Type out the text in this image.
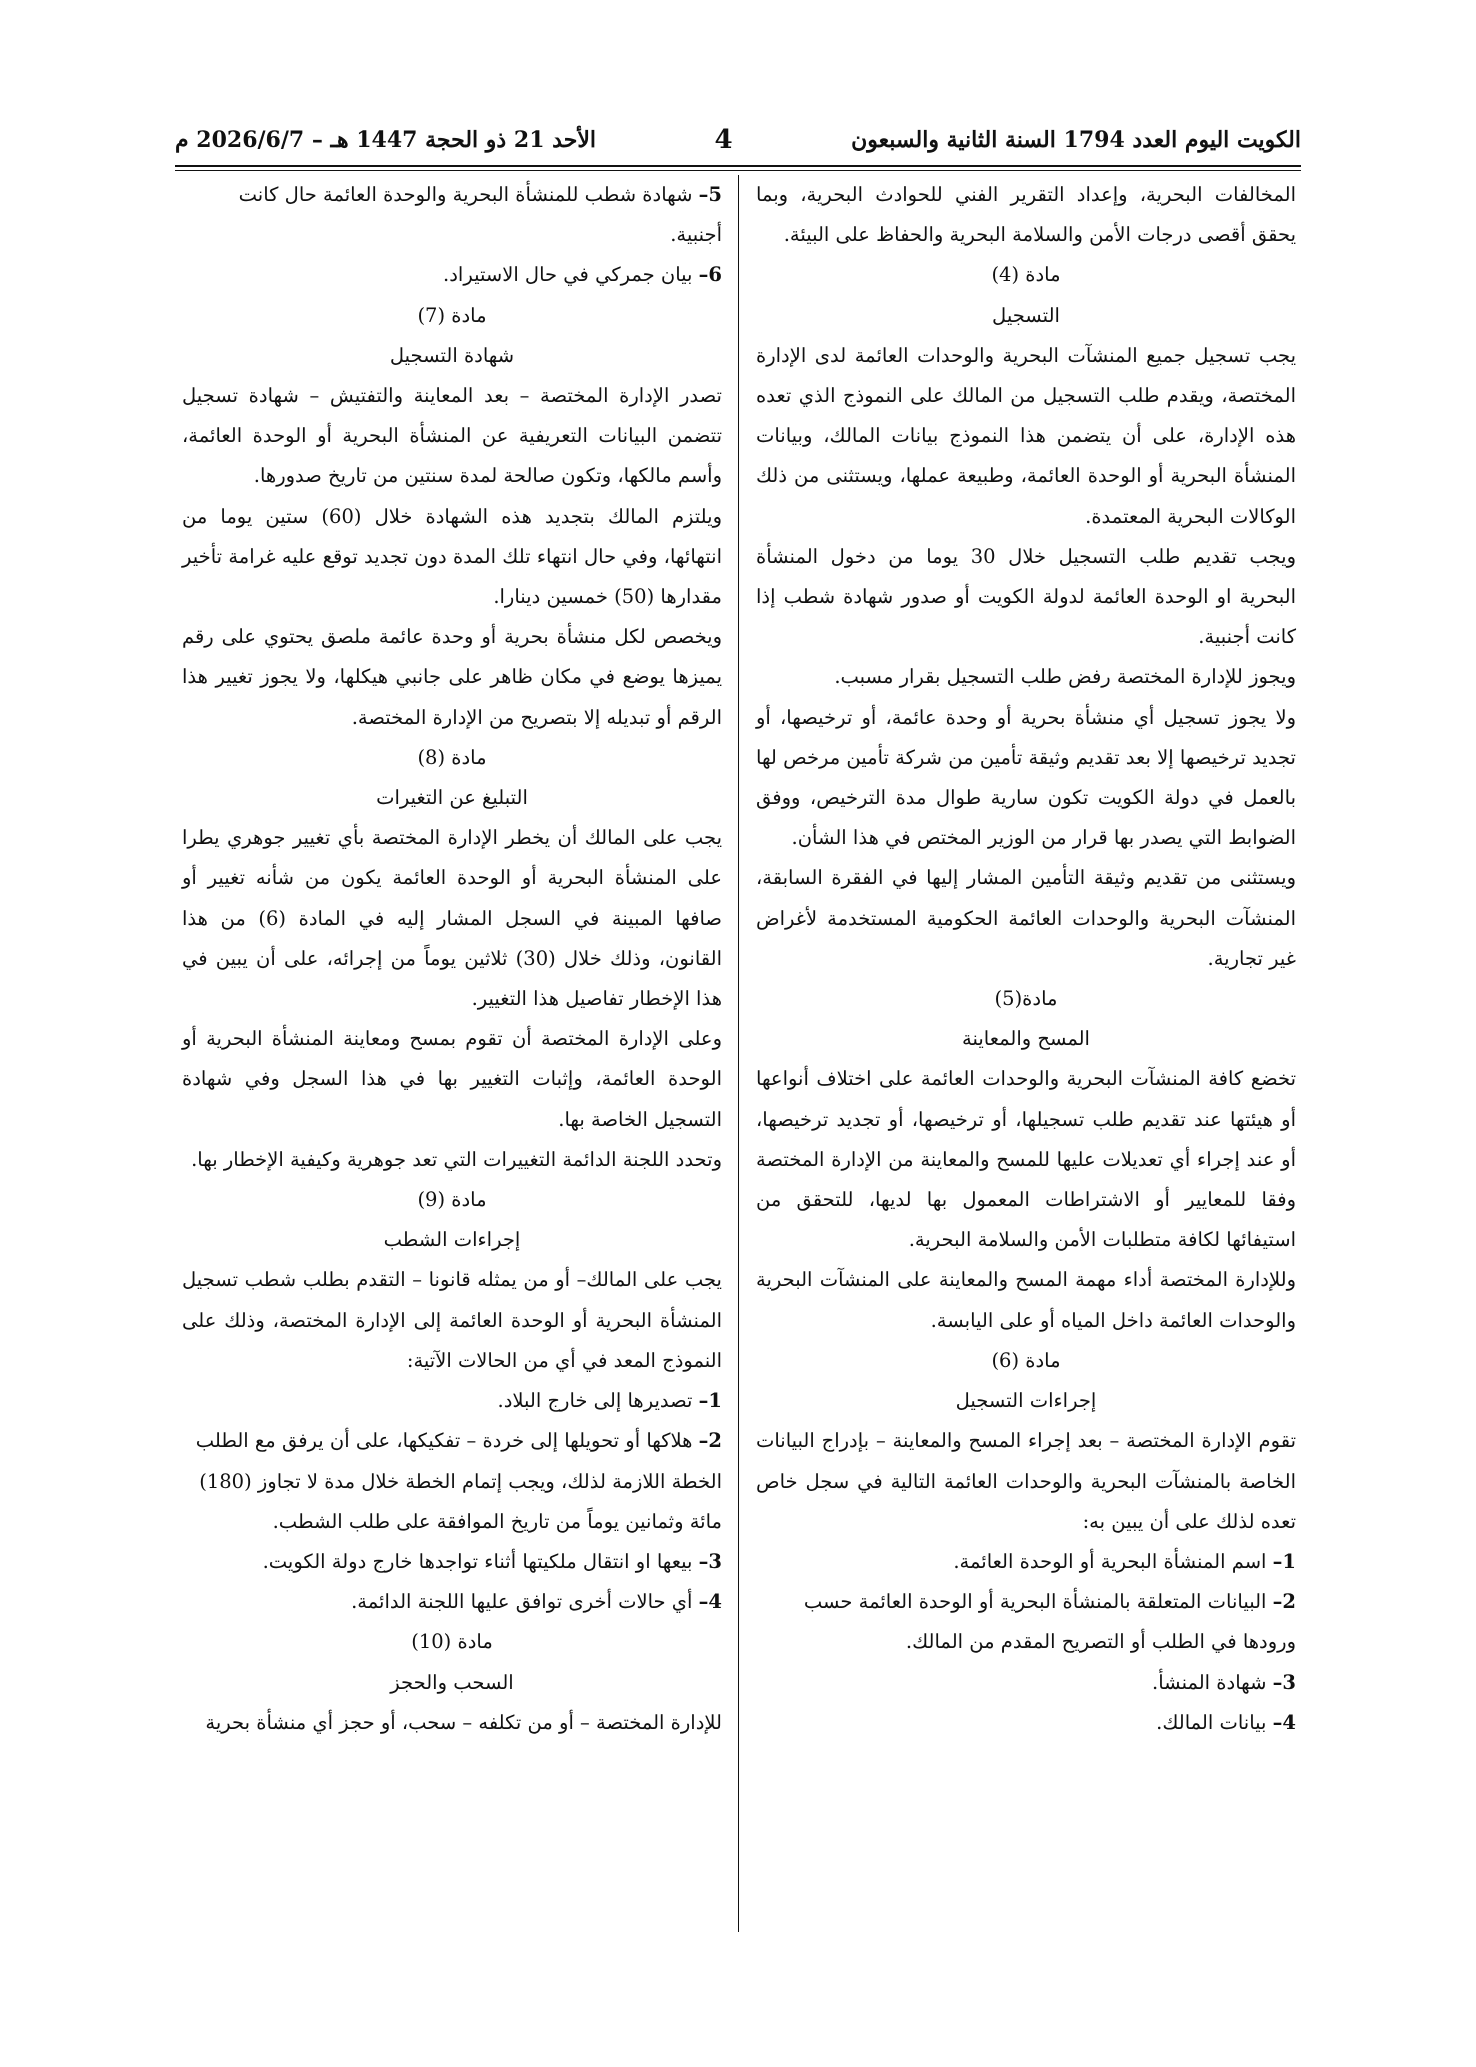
الكويت اليوم العدد 1794 السنة الثانية والسبعون
4
الأحد 21 ذو الحجة 1447 هـ – 2026/6/7 م

المخالفات البحرية، وإعداد التقرير الفني للحوادث البحرية، وبما يحقق أقصى درجات الأمن والسلامة البحرية والحفاظ على البيئة.

مادة (4)

التسجيل

يجب تسجيل جميع المنشآت البحرية والوحدات العائمة لدى الإدارة المختصة، ويقدم طلب التسجيل من المالك على النموذج الذي تعده هذه الإدارة، على أن يتضمن هذا النموذج بيانات المالك، وبيانات المنشأة البحرية أو الوحدة العائمة، وطبيعة عملها، ويستثنى من ذلك الوكالات البحرية المعتمدة.

ويجب تقديم طلب التسجيل خلال 30 يوما من دخول المنشأة البحرية او الوحدة العائمة لدولة الكويت أو صدور شهادة شطب إذا كانت أجنبية.

ويجوز للإدارة المختصة رفض طلب التسجيل بقرار مسبب.

ولا يجوز تسجيل أي منشأة بحرية أو وحدة عائمة، أو ترخيصها، أو تجديد ترخيصها إلا بعد تقديم وثيقة تأمين من شركة تأمين مرخص لها بالعمل في دولة الكويت تكون سارية طوال مدة الترخيص، ووفق الضوابط التي يصدر بها قرار من الوزير المختص في هذا الشأن.

ويستثنى من تقديم وثيقة التأمين المشار إليها في الفقرة السابقة، المنشآت البحرية والوحدات العائمة الحكومية المستخدمة لأغراض غير تجارية.

مادة(5)

المسح والمعاينة

تخضع كافة المنشآت البحرية والوحدات العائمة على اختلاف أنواعها أو هيئتها عند تقديم طلب تسجيلها، أو ترخيصها، أو تجديد ترخيصها، أو عند إجراء أي تعديلات عليها للمسح والمعاينة من الإدارة المختصة وفقا للمعايير أو الاشتراطات المعمول بها لديها، للتحقق من استيفائها لكافة متطلبات الأمن والسلامة البحرية.

وللإدارة المختصة أداء مهمة المسح والمعاينة على المنشآت البحرية والوحدات العائمة داخل المياه أو على اليابسة.

مادة (6)

إجراءات التسجيل

تقوم الإدارة المختصة – بعد إجراء المسح والمعاينة – بإدراج البيانات الخاصة بالمنشآت البحرية والوحدات العائمة التالية في سجل خاص تعده لذلك على أن يبين به:

1– اسم المنشأة البحرية أو الوحدة العائمة.

2– البيانات المتعلقة بالمنشأة البحرية أو الوحدة العائمة حسب ورودها في الطلب أو التصريح المقدم من المالك.

3– شهادة المنشأ.

4– بيانات المالك.

5– شهادة شطب للمنشأة البحرية والوحدة العائمة حال كانت أجنبية.

6– بيان جمركي في حال الاستيراد.

مادة (7)

شهادة التسجيل

تصدر الإدارة المختصة – بعد المعاينة والتفتيش – شهادة تسجيل تتضمن البيانات التعريفية عن المنشأة البحرية أو الوحدة العائمة، وأسم مالكها، وتكون صالحة لمدة سنتين من تاريخ صدورها.

ويلتزم المالك بتجديد هذه الشهادة خلال (60) ستين يوما من انتهائها، وفي حال انتهاء تلك المدة دون تجديد توقع عليه غرامة تأخير مقدارها (50) خمسين دينارا.

ويخصص لكل منشأة بحرية أو وحدة عائمة ملصق يحتوي على رقم يميزها يوضع في مكان ظاهر على جانبي هيكلها، ولا يجوز تغيير هذا الرقم أو تبديله إلا بتصريح من الإدارة المختصة.

مادة (8)

التبليغ عن التغيرات

يجب على المالك أن يخطر الإدارة المختصة بأي تغيير جوهري يطرا على المنشأة البحرية أو الوحدة العائمة يكون من شأنه تغيير أو صافها المبينة في السجل المشار إليه في المادة (6) من هذا القانون، وذلك خلال (30) ثلاثين يوماً من إجرائه، على أن يبين في هذا الإخطار تفاصيل هذا التغيير.

وعلى الإدارة المختصة أن تقوم بمسح ومعاينة المنشأة البحرية أو الوحدة العائمة، وإثبات التغيير بها في هذا السجل وفي شهادة التسجيل الخاصة بها.

وتحدد اللجنة الدائمة التغييرات التي تعد جوهرية وكيفية الإخطار بها.

مادة (9)

إجراءات الشطب

يجب على المالك– أو من يمثله قانونا – التقدم بطلب شطب تسجيل المنشأة البحرية أو الوحدة العائمة إلى الإدارة المختصة، وذلك على النموذج المعد في أي من الحالات الآتية:

1– تصديرها إلى خارج البلاد.

2– هلاكها أو تحويلها إلى خردة – تفكيكها، على أن يرفق مع الطلب الخطة اللازمة لذلك، ويجب إتمام الخطة خلال مدة لا تجاوز (180) مائة وثمانين يوماً من تاريخ الموافقة على طلب الشطب.

3– بيعها او انتقال ملكيتها أثناء تواجدها خارج دولة الكويت.

4– أي حالات أخرى توافق عليها اللجنة الدائمة.

مادة (10)

السحب والحجز

للإدارة المختصة – أو من تكلفه – سحب، أو حجز أي منشأة بحرية
